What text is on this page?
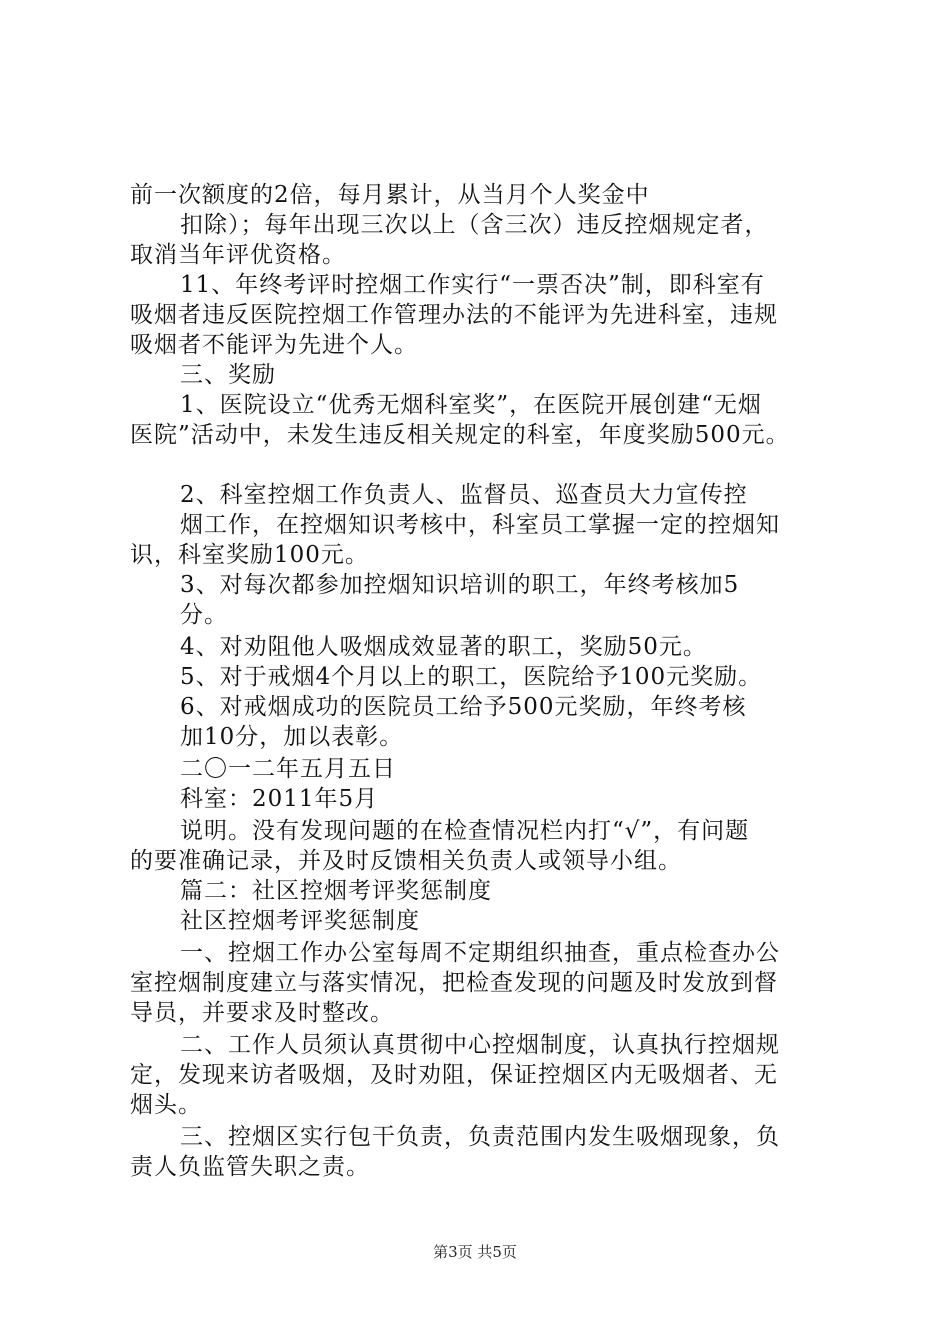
前一次额度的2倍，每月累计，从当月个人奖金中
扣除）；每年出现三次以上（含三次）违反控烟规定者，
取消当年评优资格。
11、年终考评时控烟工作实行“一票否决”制，即科室有
吸烟者违反医院控烟工作管理办法的不能评为先进科室，违规
吸烟者不能评为先进个人。
三、奖励
1、医院设立“优秀无烟科室奖”，在医院开展创建“无烟
医院”活动中，未发生违反相关规定的科室，年度奖励500元。
2、科室控烟工作负责人、监督员、巡查员大力宣传控
烟工作，在控烟知识考核中，科室员工掌握一定的控烟知
识，科室奖励100元。
3、对每次都参加控烟知识培训的职工，年终考核加5
分。
4、对劝阻他人吸烟成效显著的职工，奖励50元。
5、对于戒烟4个月以上的职工，医院给予100元奖励。
6、对戒烟成功的医院员工给予500元奖励，年终考核
加10分，加以表彰。
二〇一二年五月五日
科室：2011年5月
说明。没有发现问题的在检查情况栏内打“√”，有问题
的要准确记录，并及时反馈相关负责人或领导小组。
篇二：社区控烟考评奖惩制度
社区控烟考评奖惩制度
一、控烟工作办公室每周不定期组织抽查，重点检查办公
室控烟制度建立与落实情况，把检查发现的问题及时发放到督
导员，并要求及时整改。
二、工作人员须认真贯彻中心控烟制度，认真执行控烟规
定，发现来访者吸烟，及时劝阻，保证控烟区内无吸烟者、无
烟头。
三、控烟区实行包干负责，负责范围内发生吸烟现象，负
责人负监管失职之责。
第3页 共5页
